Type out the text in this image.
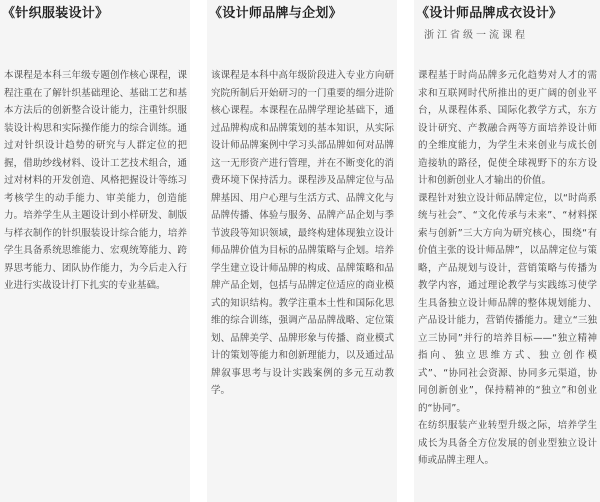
《针织服装设计》

本课程是本科三年级专题创作核心课程，课程注重在了解针织基础理论、基础工艺和基本方法后的创新整合设计能力，注重针织服装设计构思和实际操作能力的综合训练。通过对针织设计趋势的研究与人群定位的把握，借助纱线材料、设计工艺技术组合，通过对材料的开发创造、风格把握设计等练习考核学生的动手能力、审美能力，创造能力。培养学生从主题设计到小样研发、制版与样衣制作的针织服装设计综合能力，培养学生具备系统思维能力、宏观统筹能力、跨界思考能力、团队协作能力，为今后走入行业进行实战设计打下扎实的专业基础。

《设计师品牌与企划》

该课程是本科中高年级阶段进入专业方向研究院所制后开始研习的一门重要的细分进阶核心课程。本课程在品牌学理论基础下，通过品牌构成和品牌策划的基本知识，从实际设计师品牌案例中学习头部品牌如何对品牌这一无形资产进行管理，并在不断变化的消费环境下保持活力。课程涉及品牌定位与品牌基因、用户心理与生活方式、品牌文化与品牌传播、体验与服务、品牌产品企划与季节波段等知识领域，最终构建体现独立设计师品牌价值为目标的品牌策略与企划。培养学生建立设计师品牌的构成、品牌策略和品牌产品企划，包括与品牌定位适应的商业模式的知识结构。教学注重本土性和国际化思维的综合训练，强调产品品牌战略、定位策划、品牌美学、品牌形象与传播、商业模式计的策划等能力和创新理能力，以及通过品牌叙事思考与设计实践案例的多元互动教学。

《设计师品牌成衣设计》
浙江省级一流课程

课程基于时尚品牌多元化趋势对人才的需求和互联网时代所推出的更广阔的创业平台，从课程体系、国际化教学方式，东方设计研究、产教融合两等方面培养设计师的全维度能力，为学生未来创业与成长创造接轨的路径，促使全球视野下的东方设计和创新创业人才输出的价值。

课程针对独立设计师品牌定位，以“时尚系统与社会”、“文化传承与未来”、“材料探索与创新”三大方向为研究核心，围绕“有价值主张的设计师品牌”，以品牌定位与策略，产品规划与设计，营销策略与传播为教学内容，通过理论教学与实践练习使学生具备独立设计师品牌的整体规划能力、产品设计能力，营销传播能力。建立“三独立三协同”并行的培养目标——“独立精神指向、独立思维方式、独立创作模式”、“协同社会资源、协同多元渠道，协同创新创业”，保持精神的“独立”和创业的“协同”。

在纺织服装产业转型升级之际，培养学生成长为具备全方位发展的创业型独立设计师或品牌主理人。
